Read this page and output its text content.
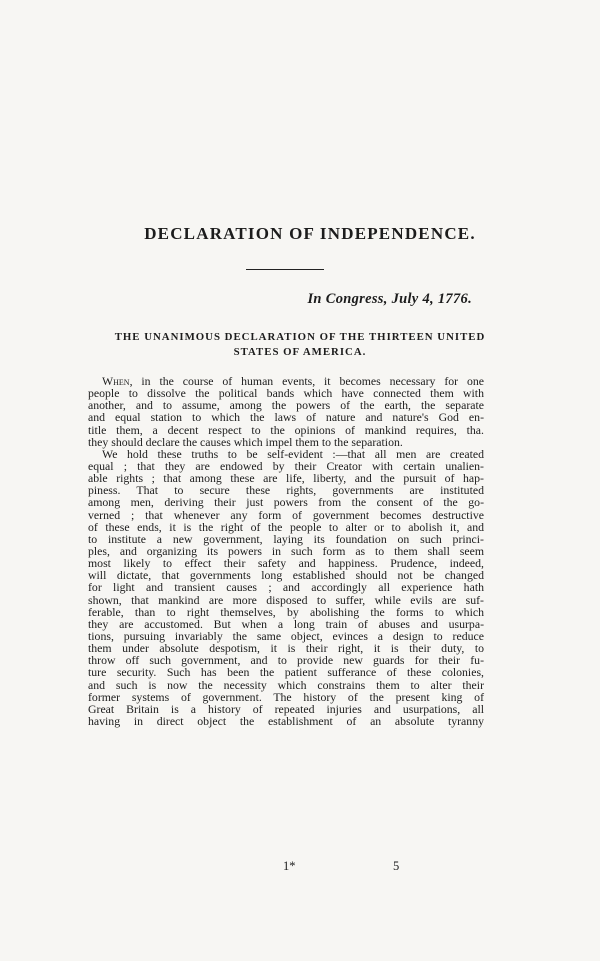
DECLARATION OF INDEPENDENCE.
In Congress, July 4, 1776.
THE UNANIMOUS DECLARATION OF THE THIRTEEN UNITED
STATES OF AMERICA.
When, in the course of human events, it becomes necessary for one
people to dissolve the political bands which have connected them with
another, and to assume, among the powers of the earth, the separate
and equal station to which the laws of nature and nature's God en-
title them, a decent respect to the opinions of mankind requires, tha.
they should declare the causes which impel them to the separation.
We hold these truths to be self-evident :—that all men are created
equal ; that they are endowed by their Creator with certain unalien-
able rights ; that among these are life, liberty, and the pursuit of hap-
piness. That to secure these rights, governments are instituted
among men, deriving their just powers from the consent of the go-
verned ; that whenever any form of government becomes destructive
of these ends, it is the right of the people to alter or to abolish it, and
to institute a new government, laying its foundation on such princi-
ples, and organizing its powers in such form as to them shall seem
most likely to effect their safety and happiness. Prudence, indeed,
will dictate, that governments long established should not be changed
for light and transient causes ; and accordingly all experience hath
shown, that mankind are more disposed to suffer, while evils are suf-
ferable, than to right themselves, by abolishing the forms to which
they are accustomed. But when a long train of abuses and usurpa-
tions, pursuing invariably the same object, evinces a design to reduce
them under absolute despotism, it is their right, it is their duty, to
throw off such government, and to provide new guards for their fu-
ture security. Such has been the patient sufferance of these colonies,
and such is now the necessity which constrains them to alter their
former systems of government. The history of the present king of
Great Britain is a history of repeated injuries and usurpations, all
having in direct object the establishment of an absolute tyranny
1*	5
